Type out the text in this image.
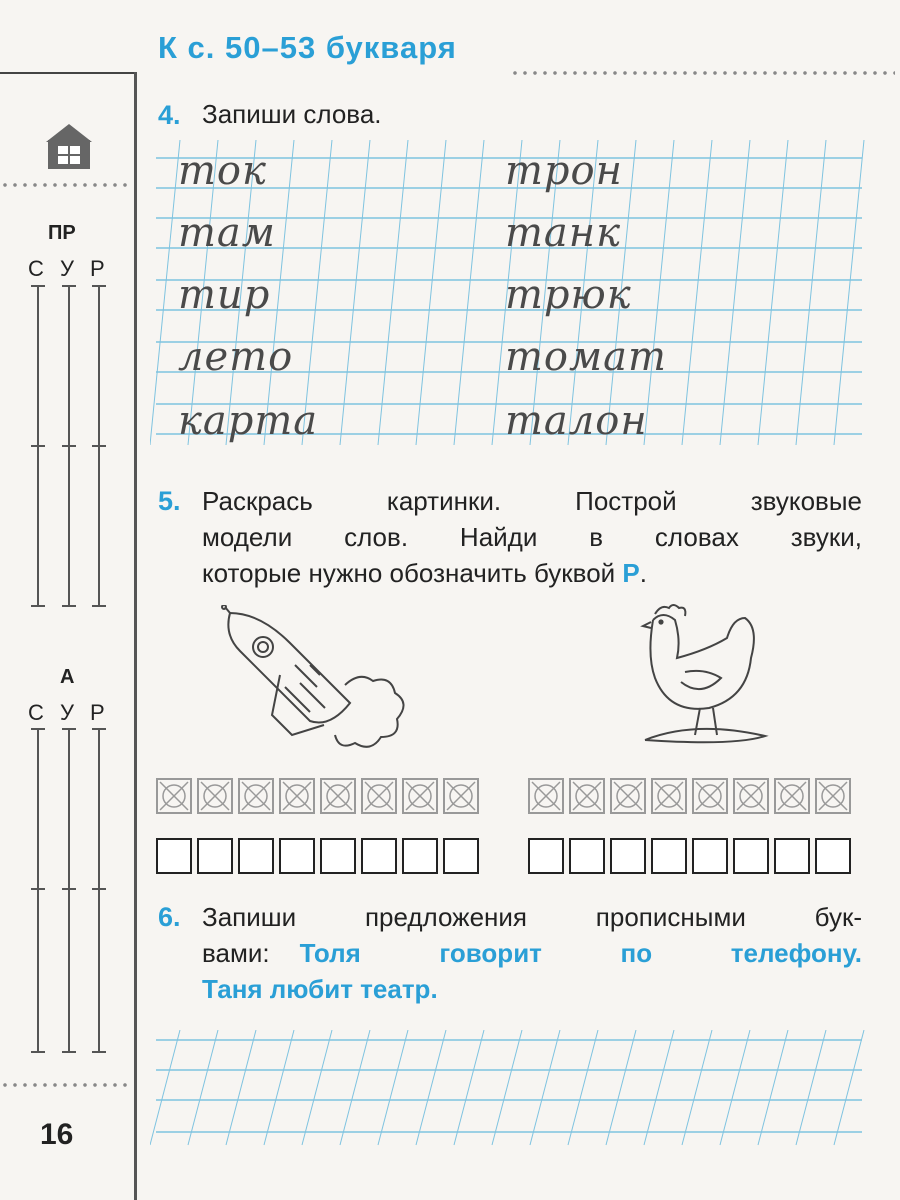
К с. 50–53 букваря
ПР
С У Р
А
С У Р
16
4. Запиши слова.
ток
там
тир
лето
карта
трон
танк
трюк
томат
талон
5. Раскрась картинки. Построй звуковые
модели слов. Найди в словах звуки,
которые нужно обозначить буквой Р.
6. Запиши предложения прописными бук-
вами: Толя говорит по телефону.
Таня любит театр.
